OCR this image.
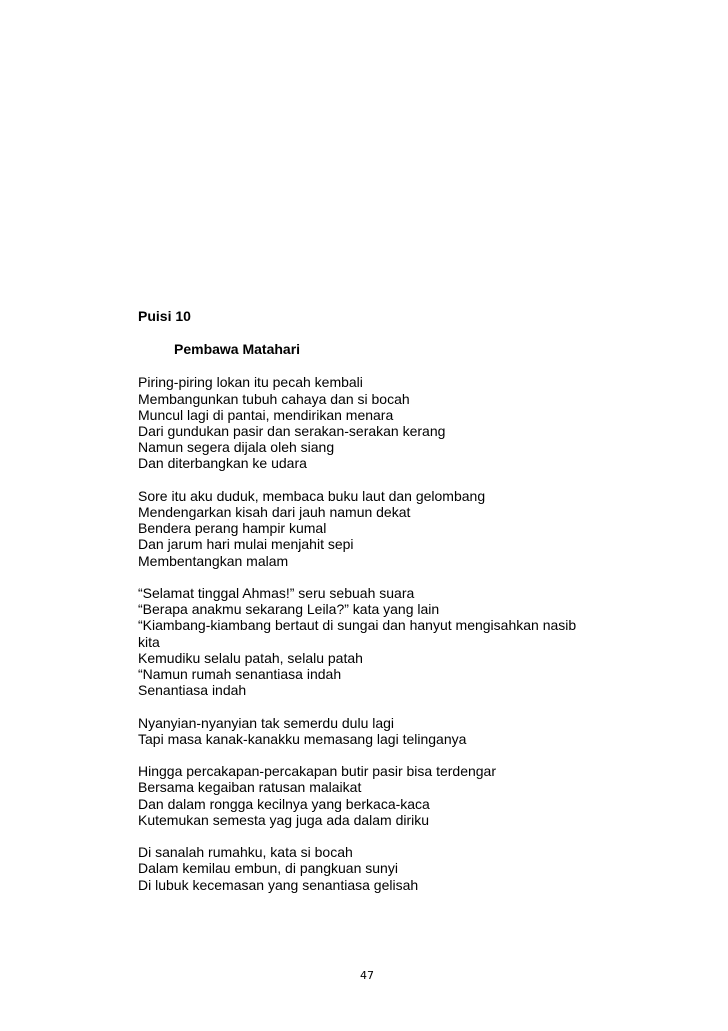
Puisi 10
Pembawa Matahari
Piring-piring lokan itu pecah kembali
Membangunkan tubuh cahaya dan si bocah
Muncul lagi di pantai, mendirikan menara
Dari gundukan pasir dan serakan-serakan kerang
Namun segera dijala oleh siang
Dan diterbangkan ke udara
Sore itu aku duduk, membaca buku laut dan gelombang
Mendengarkan kisah dari jauh namun dekat
Bendera perang hampir kumal
Dan jarum hari mulai menjahit sepi
Membentangkan malam
“Selamat tinggal Ahmas!” seru sebuah suara
“Berapa anakmu sekarang Leila?” kata yang lain
“Kiambang-kiambang bertaut di sungai dan hanyut mengisahkan nasib
kita
Kemudiku selalu patah, selalu patah
“Namun rumah senantiasa indah
Senantiasa indah
Nyanyian-nyanyian tak semerdu dulu lagi
Tapi masa kanak-kanakku memasang lagi telinganya
Hingga percakapan-percakapan butir pasir bisa terdengar
Bersama kegaiban ratusan malaikat
Dan dalam rongga kecilnya yang berkaca-kaca
Kutemukan semesta yag juga ada dalam diriku
Di sanalah rumahku, kata si bocah
Dalam kemilau embun, di pangkuan sunyi
Di lubuk kecemasan yang senantiasa gelisah
47
